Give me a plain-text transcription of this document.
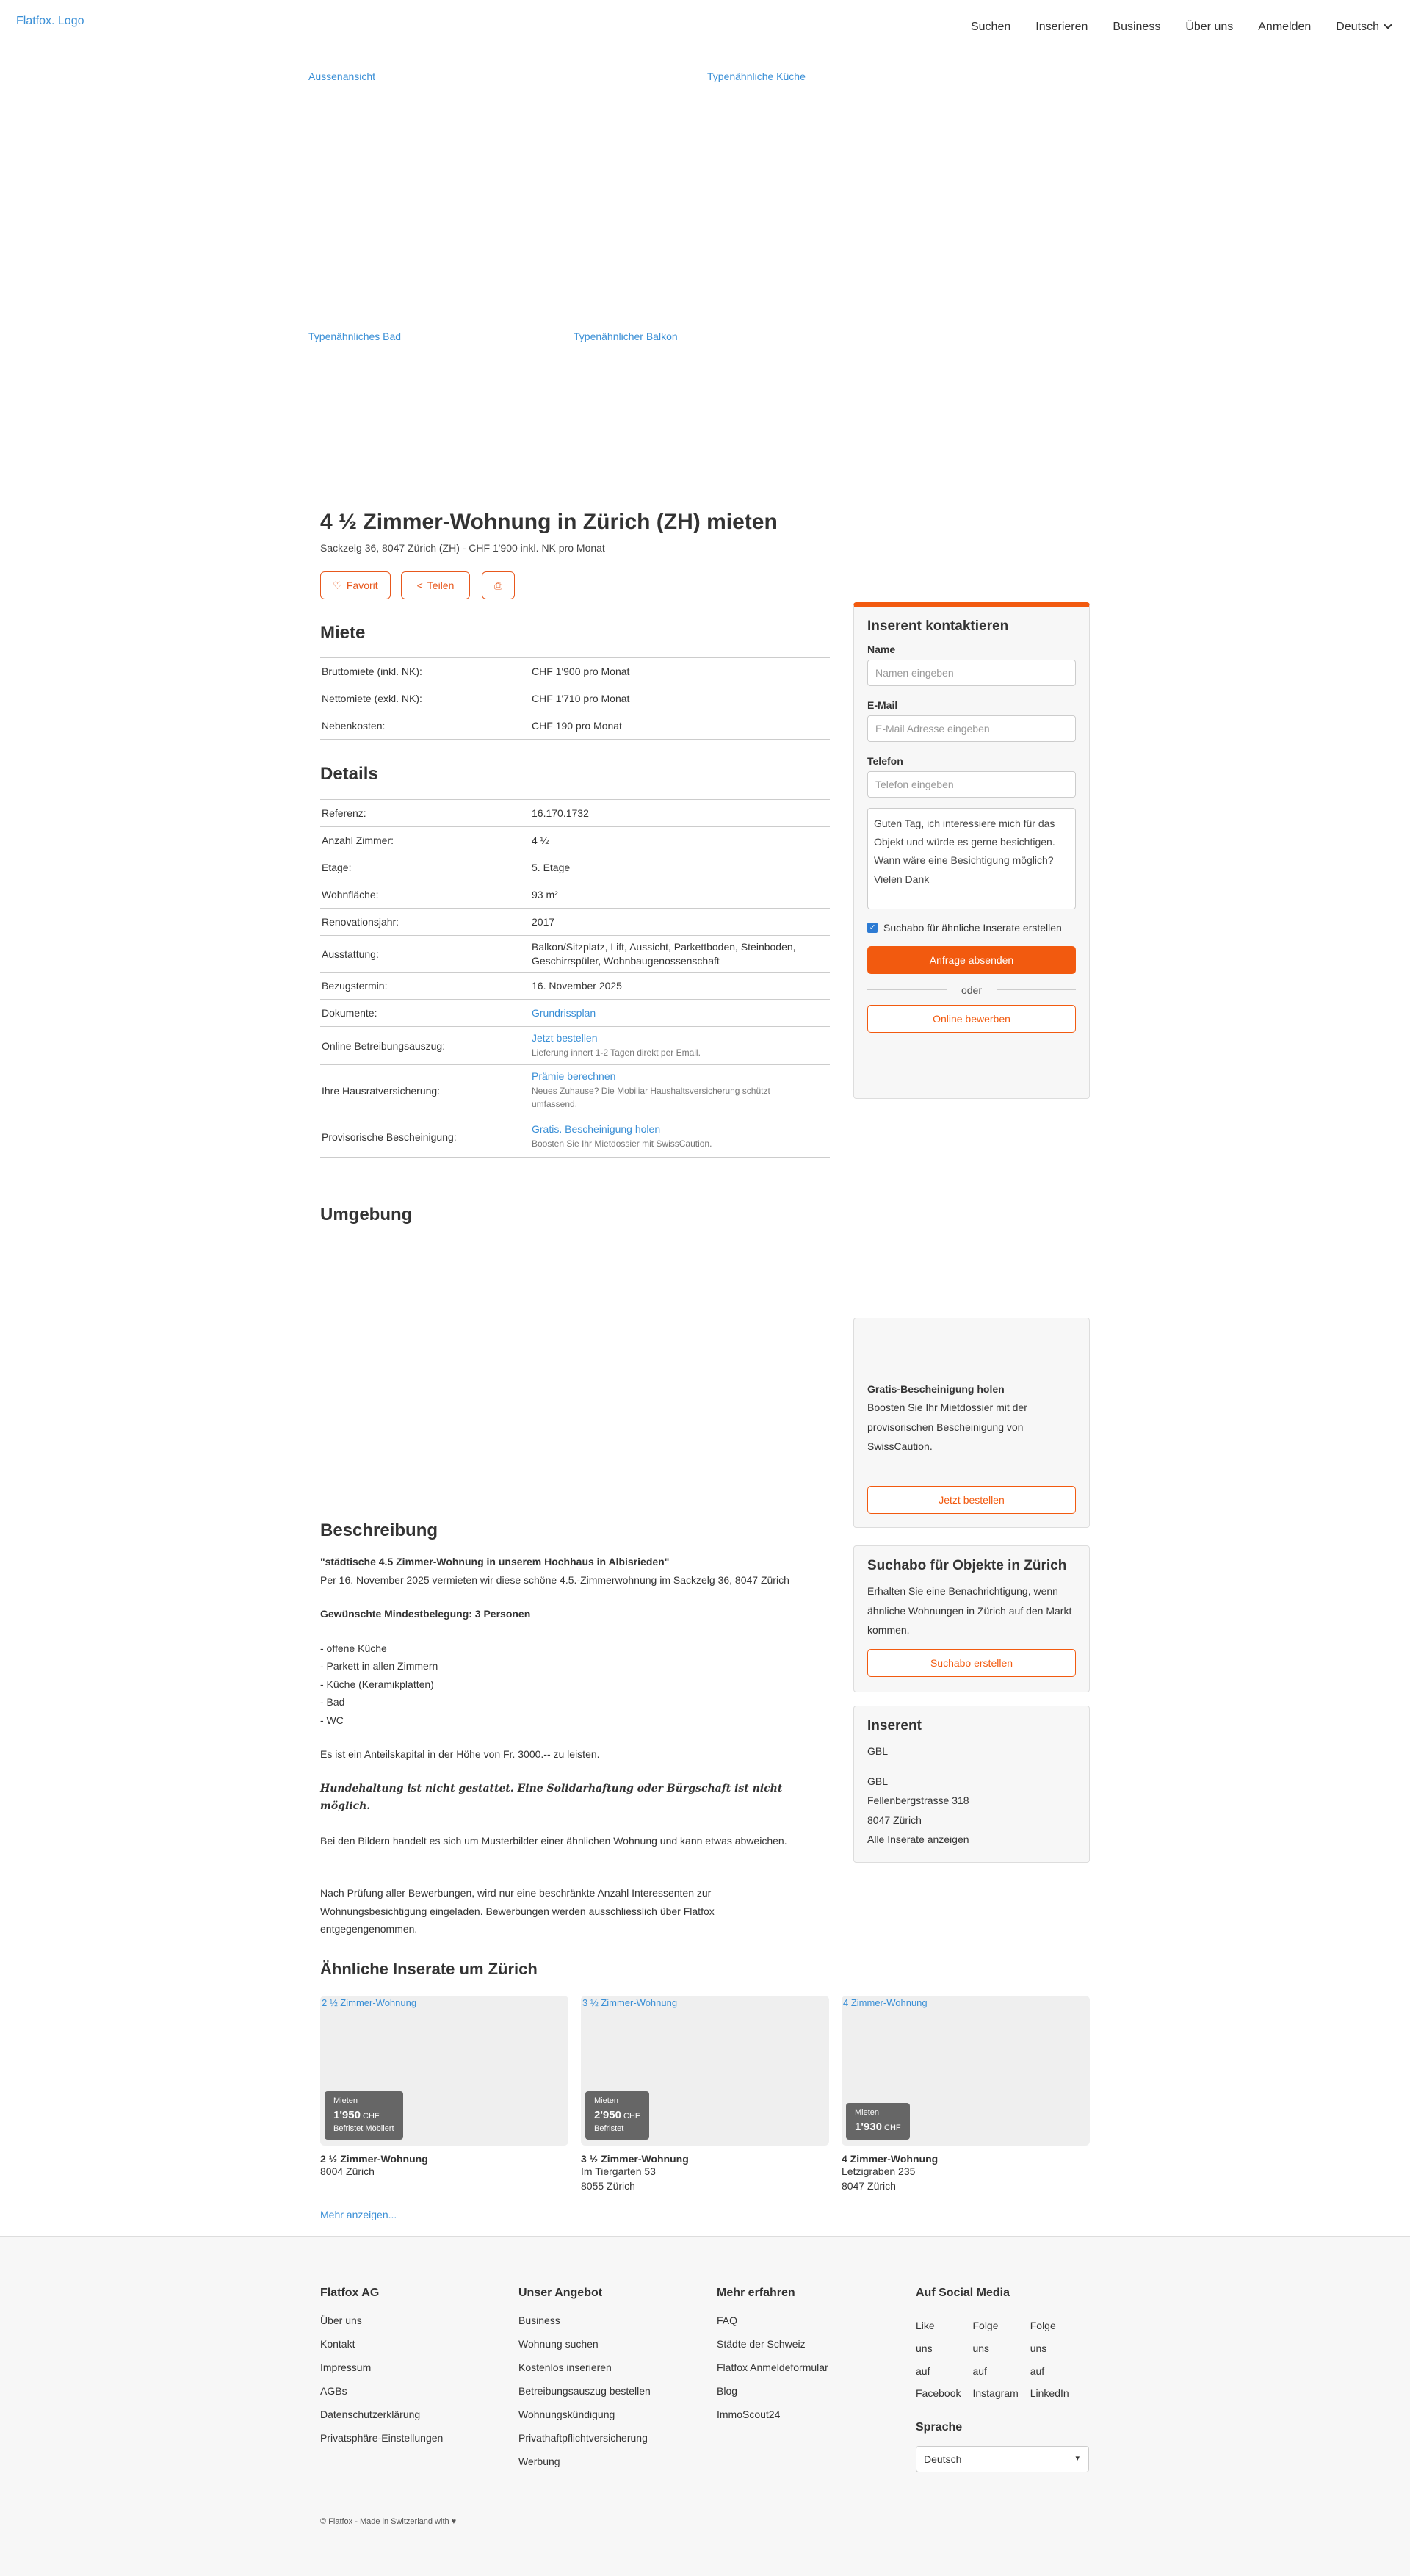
Flatfox. Logo	Suchen Inserieren Business Über uns Anmelden Deutsch
Aussenansicht	Typenähnliche Küche
Typenähnliches Bad	Typenähnlicher Balkon
4 ½ Zimmer-Wohnung in Zürich (ZH) mieten
Sackzelg 36, 8047 Zürich (ZH) - CHF 1'900 inkl. NK pro Monat
♡ Favorit	< Teilen	⎙
Miete
Bruttomiete (inkl. NK):	CHF 1'900 pro Monat
Nettomiete (exkl. NK):	CHF 1'710 pro Monat
Nebenkosten:	CHF 190 pro Monat
Details
Referenz:	16.170.1732
Anzahl Zimmer:	4 ½
Etage:	5. Etage
Wohnfläche:	93 m²
Renovationsjahr:	2017
Ausstattung:
Balkon/Sitzplatz, Lift, Aussicht, Parkettboden, Steinboden, Geschirrspüler, Wohnbaugenossenschaft
Bezugstermin:	16. November 2025
Dokumente:	Grundrissplan
Online Betreibungsauszug:
Jetzt bestellen
Lieferung innert 1-2 Tagen direkt per Email.
Ihre Hausratversicherung:
Prämie berechnen
Neues Zuhause? Die Mobiliar Haushaltsversicherung schützt umfassend.
Provisorische Bescheinigung:
Gratis. Bescheinigung holen
Boosten Sie Ihr Mietdossier mit SwissCaution.
Umgebung
Beschreibung

"städtische 4.5 Zimmer-Wohnung in unserem Hochhaus in Albisrieden"

Per 16. November 2025 vermieten wir diese schöne 4.5.-Zimmerwohnung im Sackzelg 36, 8047 Zürich

Gewünschte Mindestbelegung: 3 Personen

- offene Küche

- Parkett in allen Zimmern

- Küche (Keramikplatten)

- Bad

- WC

Es ist ein Anteilskapital in der Höhe von Fr. 3000.-- zu leisten.

Hundehaltung ist nicht gestattet. Eine Solidarhaftung oder Bürgschaft ist nicht möglich.

Bei den Bildern handelt es sich um Musterbilder einer ähnlichen Wohnung und kann etwas abweichen.

Nach Prüfung aller Bewerbungen, wird nur eine beschränkte Anzahl Interessenten zur Wohnungsbesichtigung eingeladen. Bewerbungen werden ausschliesslich über Flatfox entgegengenommen.

Inserent kontaktieren
Name
Namen eingeben
E-Mail
E-Mail Adresse eingeben
Telefon
Telefon eingeben
Guten Tag, ich interessiere mich für das Objekt und würde es gerne besichtigen. Wann wäre eine Besichtigung möglich? Vielen Dank
✓ Suchabo für ähnliche Inserate erstellen
Anfrage absenden
oder
Online bewerben
Gratis-Bescheinigung holen
Boosten Sie Ihr Mietdossier mit der provisorischen Bescheinigung von SwissCaution.
Jetzt bestellen
Suchabo für Objekte in Zürich
Erhalten Sie eine Benachrichtigung, wenn ähnliche Wohnungen in Zürich auf den Markt kommen.
Suchabo erstellen
Inserent
GBL
GBL
Fellenbergstrasse 318
8047 Zürich
Alle Inserate anzeigen
Ähnliche Inserate um Zürich
2 ½ Zimmer-Wohnung
Mieten
1'950 CHF
Befristet Möbliert
2 ½ Zimmer-Wohnung
8004 Zürich
3 ½ Zimmer-Wohnung
Mieten
2'950 CHF
Befristet
3 ½ Zimmer-Wohnung
Im Tiergarten 53
8055 Zürich
4 Zimmer-Wohnung
Mieten
1'930 CHF
4 Zimmer-Wohnung
Letzigraben 235
8047 Zürich
Mehr anzeigen...
Flatfox AG
Über uns
Kontakt
Impressum
AGBs
Datenschutzerklärung
Privatsphäre-Einstellungen
Unser Angebot
Business
Wohnung suchen
Kostenlos inserieren
Betreibungsauszug bestellen
Wohnungskündigung
Privathaftpflichtversicherung
Werbung
Mehr erfahren
FAQ
Städte der Schweiz
Flatfox Anmeldeformular
Blog
ImmoScout24
Auf Social Media
Like
uns
auf
Facebook
Folge
uns
auf
Instagram
Folge
uns
auf
LinkedIn
Sprache
Deutsch ▾
© Flatfox - Made in Switzerland with ♥
